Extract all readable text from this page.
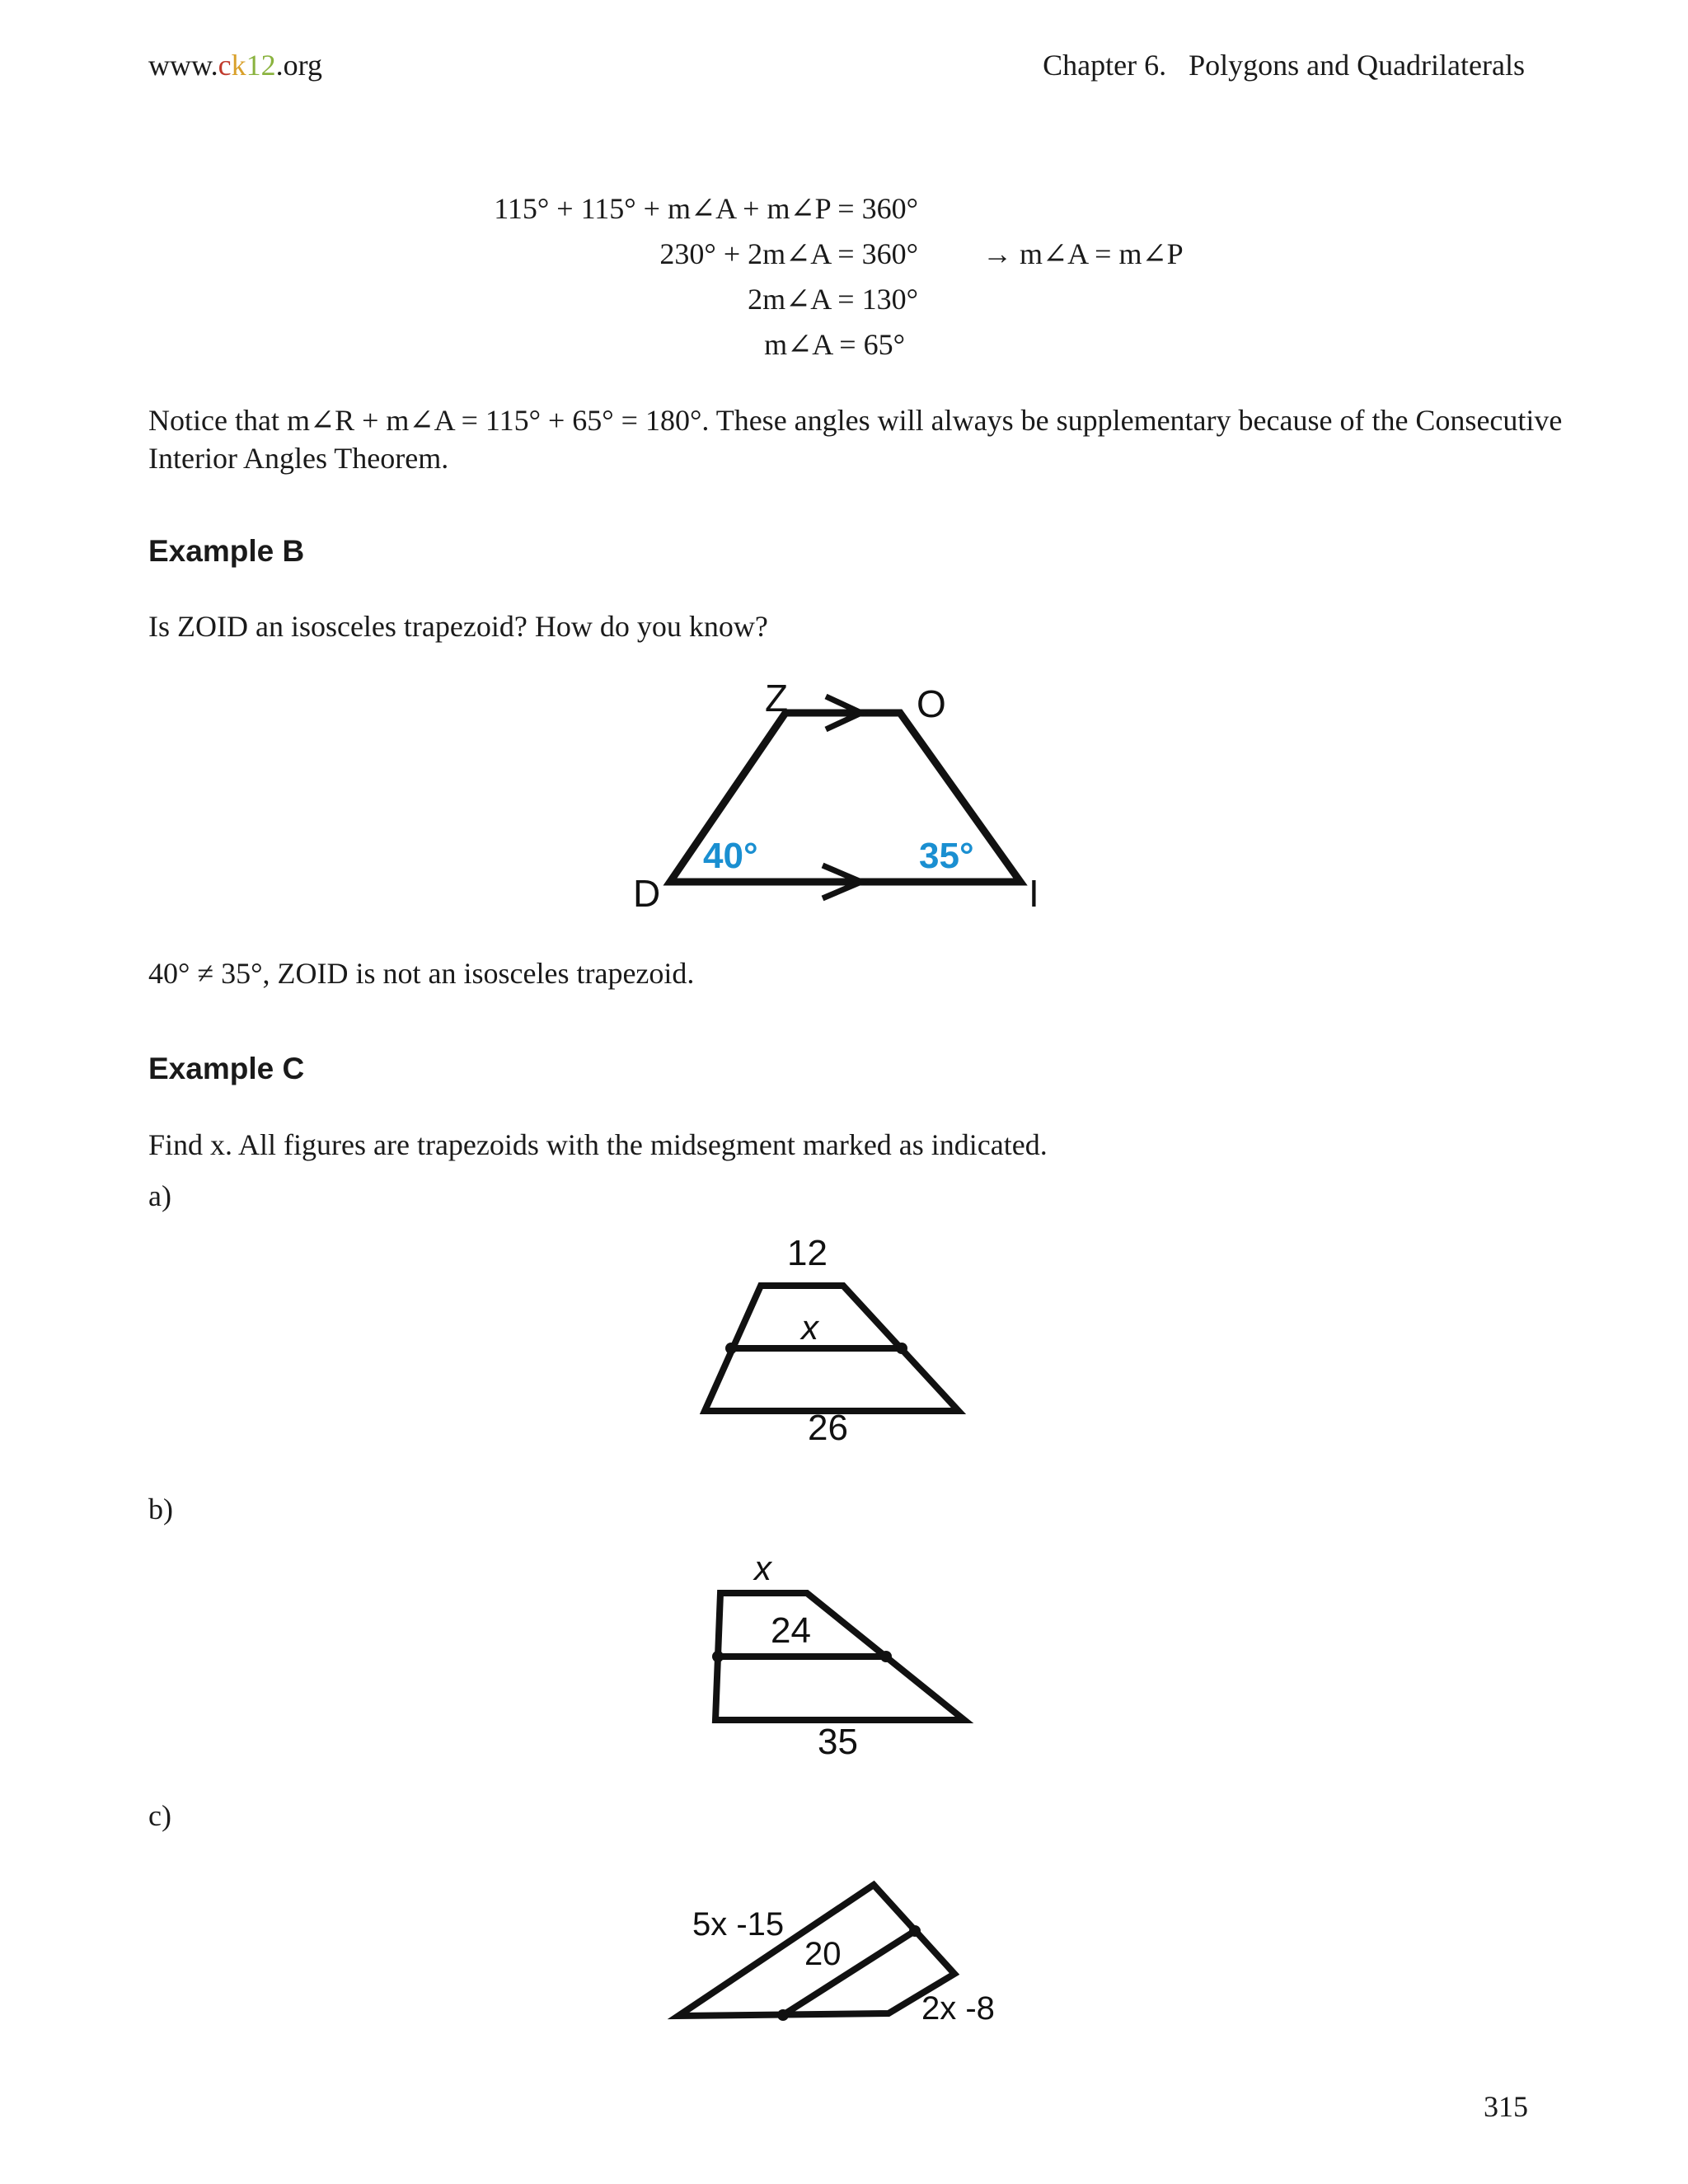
www.ck12.org	Chapter 6.   Polygons and Quadrilaterals
115° + 115° + m∠A + m∠P = 360°
230° + 2m∠A = 360° → m∠A = m∠P
2m∠A = 130°
m∠A = 65°
Notice that m∠R + m∠A = 115° + 65° = 180°. These angles will always be supplementary because of the Consecutive
Interior Angles Theorem.
Example B
Is ZOID an isosceles trapezoid? How do you know?
Z	O
D	I
40°	35°
40° ≠ 35°, ZOID is not an isosceles trapezoid.
Example C
Find x. All figures are trapezoids with the midsegment marked as indicated.
a)
12
x
26
b)
x
24
35
c)
5x -15
20
2x -8
315
